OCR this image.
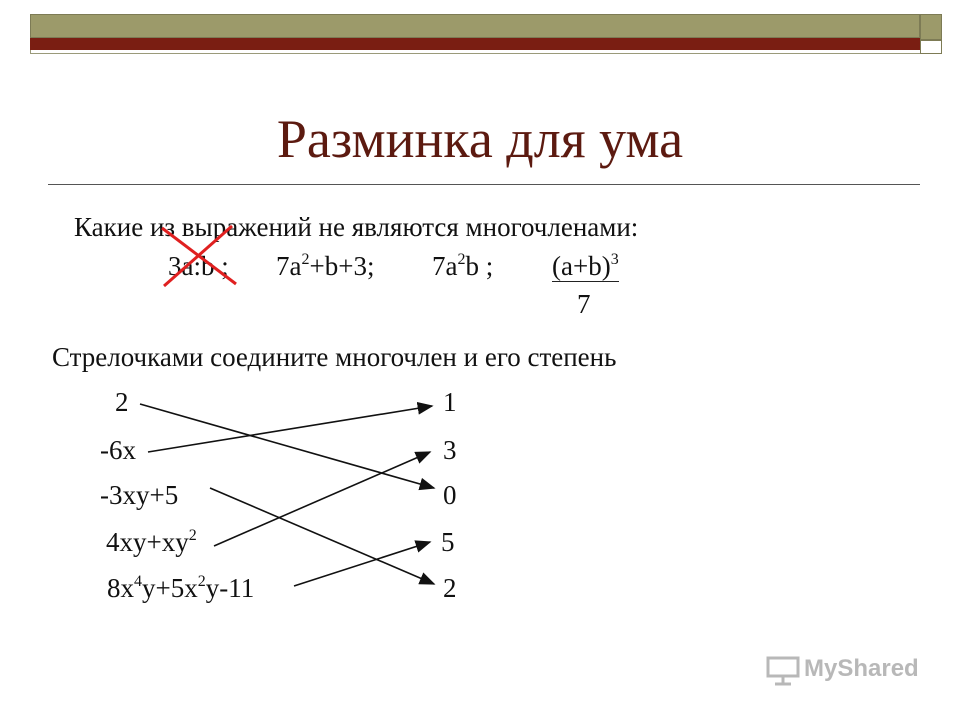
Разминка для ума
Какие из выражений не являются многочленами:
3a:b ; $7a^2+b+3$; $7a^2b$ ; $(a+b)^3$
7
Стрелочками соедините многочлен и его степень
2
-6x
-3xy+5
$4xy+xy^2$
$8x^4y+5x^2y-11$
1
3
0
5
2
MyShared
